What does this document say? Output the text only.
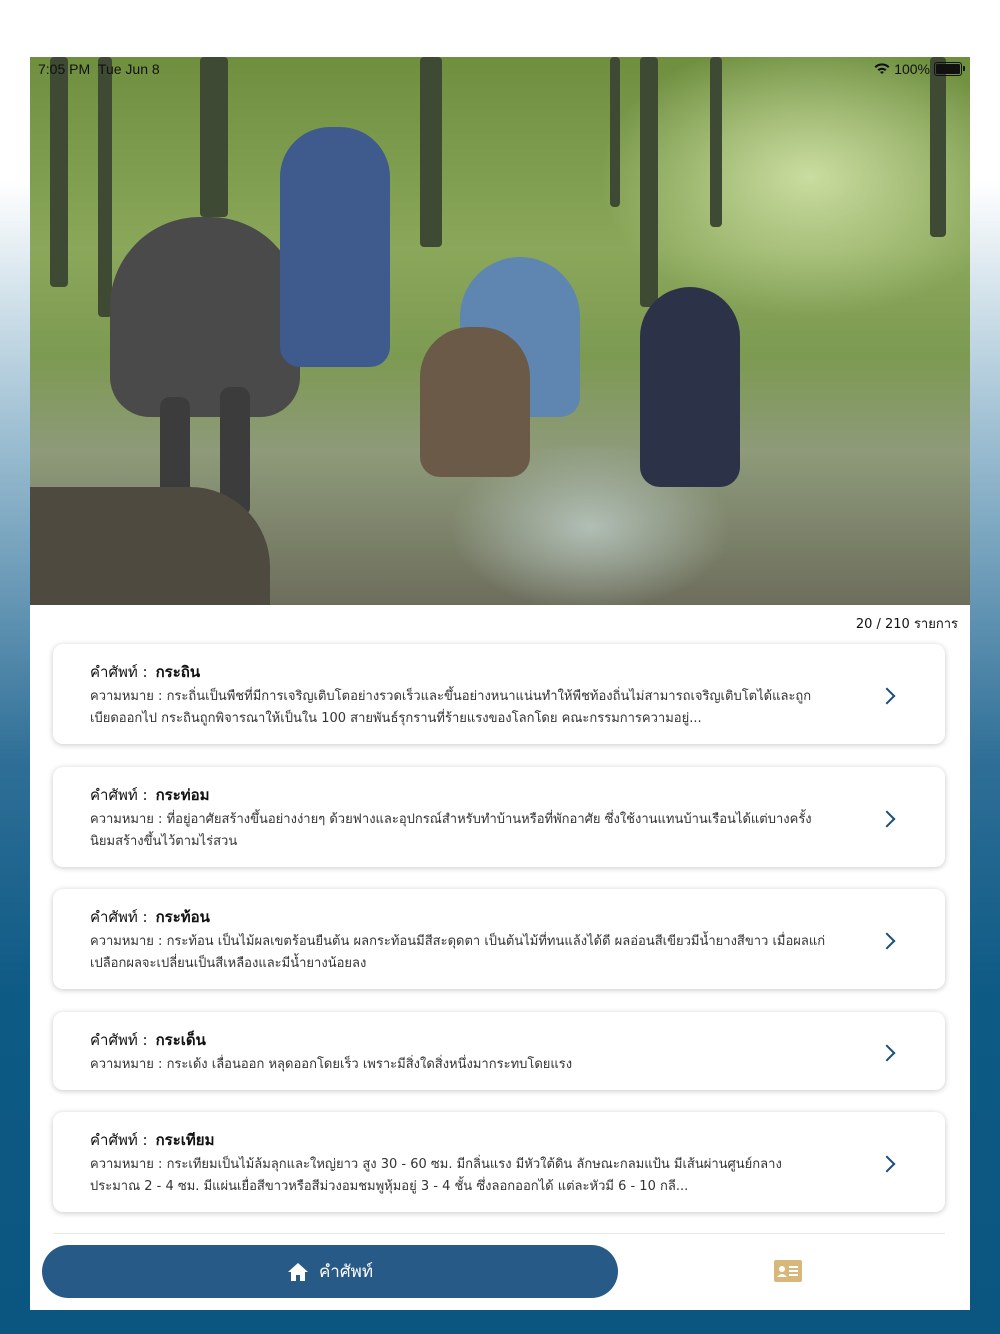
7:05 PM Tue Jun 8	100%
20 / 210 รายการ
คำศัพท์ : กระถิน
ความหมาย : กระถิ่นเป็นพืชที่มีการเจริญเติบโตอย่างรวดเร็วและขึ้นอย่างหนาแน่นทำให้พืชท้องถิ่นไม่สามารถเจริญเติบโตได้และถูกเบียดออกไป กระถินถูกพิจารณาให้เป็นใน 100 สายพันธ์รุกรานที่ร้ายแรงของโลกโดย คณะกรรมการความอยู่...
คำศัพท์ : กระท่อม
ความหมาย : ที่อยู่อาศัยสร้างขึ้นอย่างง่ายๆ ด้วยฟางและอุปกรณ์สำหรับทำบ้านหรือที่พักอาศัย ซึ่งใช้งานแทนบ้านเรือนได้แต่บางครั้ง นิยมสร้างขึ้นไว้ตามไร่สวน
คำศัพท์ : กระท้อน
ความหมาย : กระท้อน เป็นไม้ผลเขตร้อนยืนต้น ผลกระท้อนมีสีสะดุดตา เป็นต้นไม้ที่ทนแล้งได้ดี ผลอ่อนสีเขียวมีน้ำยางสีขาว เมื่อผลแก่เปลือกผลจะเปลี่ยนเป็นสีเหลืองและมีน้ำยางน้อยลง
คำศัพท์ : กระเด็น
ความหมาย : กระเด้ง เลื่อนออก หลุดออกโดยเร็ว เพราะมีสิ่งใดสิ่งหนึ่งมากระทบโดยแรง
คำศัพท์ : กระเทียม
ความหมาย : กระเทียมเป็นไม้ล้มลุกและใหญ่ยาว สูง 30 - 60 ซม. มีกลิ่นแรง มีหัวใต้ดิน ลักษณะกลมแป้น มีเส้นผ่านศูนย์กลางประมาณ 2 - 4 ซม. มีแผ่นเยื่อสีขาวหรือสีม่วงอมชมพูหุ้มอยู่ 3 - 4 ชั้น ซึ่งลอกออกได้ แต่ละหัวมี 6 - 10 กลี...
คำศัพท์
